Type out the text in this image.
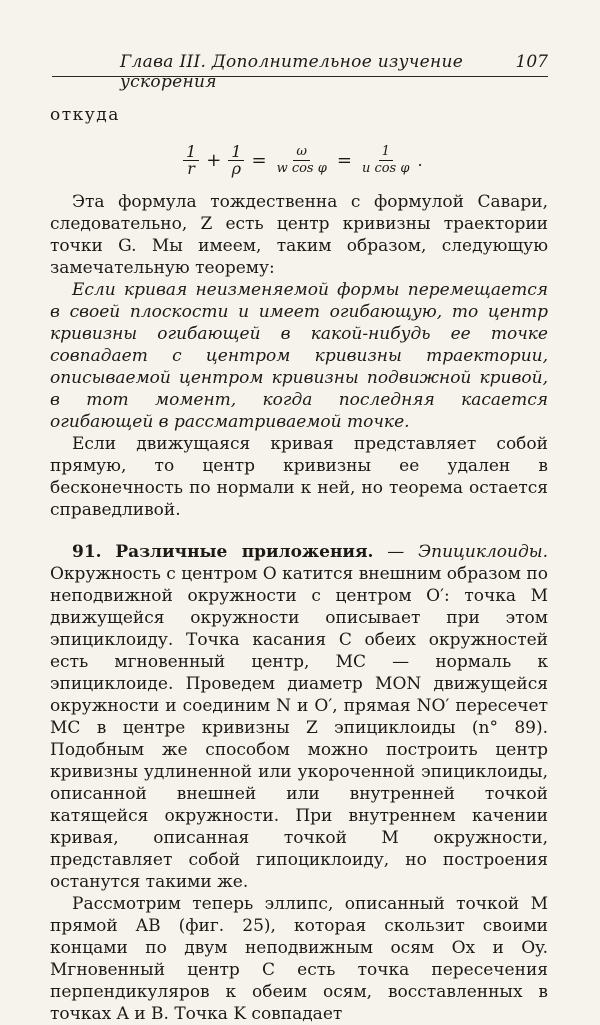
Глава III. Дополнительное изучение ускорения
107

откуда

$\frac{1}{r} + \frac{1}{\rho} = \frac{\omega}{\text{w cos φ}} = \frac{1}{\text{u cos φ}}$ .

Эта формула тождественна с формулой Савари, следовательно, Z есть центр кривизны траектории точки G. Мы имеем, таким образом, следующую замечательную теорему:

Если кривая неизменяемой формы перемещается в своей плоскости и имеет огибающую, то центр кривизны огибающей в какой-нибудь ее точке совпадает с центром кривизны траектории, описываемой центром кривизны подвижной кривой, в тот момент, когда последняя касается огибающей в рассматриваемой точке.

Если движущаяся кривая представляет собой прямую, то центр кривизны ее удален в бесконечность по нормали к ней, но теорема остается справедливой.

91. Различные приложения. — Эпициклоиды. Окружность с центром O катится внешним образом по неподвижной окружности с центром O′: точка M движущейся окружности описывает при этом эпициклоиду. Точка касания C обеих окружностей есть мгновенный центр, MC — нормаль к эпициклоиде. Проведем диаметр MON движущейся окружности и соединим N и O′, прямая NO′ пересечет MC в центре кривизны Z эпициклоиды (n° 89). Подобным же способом можно построить центр кривизны удлиненной или укороченной эпициклоиды, описанной внешней или внутренней точкой катящейся окружности. При внутреннем качении кривая, описанная точкой M окружности, представляет собой гипоциклоиду, но построения останутся такими же.

Рассмотрим теперь эллипс, описанный точкой M прямой AB (фиг. 25), которая скользит своими концами по двум неподвижным осям Ox и Oy. Мгновенный центр C есть точка пересечения перпендикуляров к обеим осям, восставленных в точках A и B. Точка K совпадает
